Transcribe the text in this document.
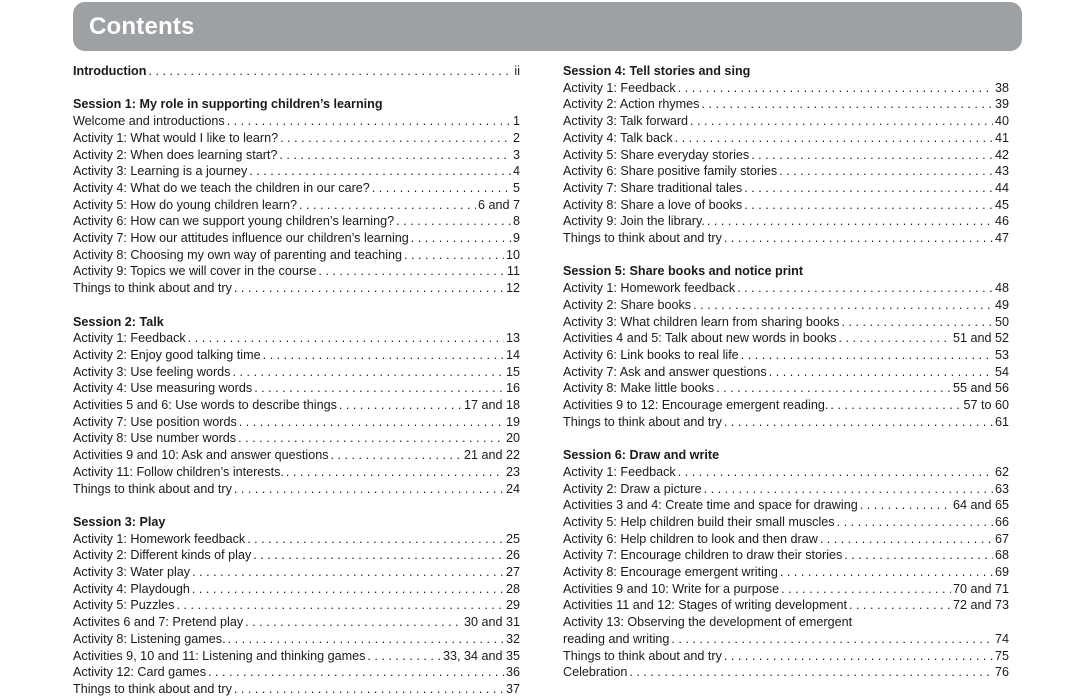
Contents
Introduction . . .	ii
Session 1: My role in supporting children’s learning
Welcome and introductions . . .	1
Activity 1: What would I like to learn? . . .	2
Activity 2: When does learning start? . . .	3
Activity 3: Learning is a journey . . .	4
Activity 4: What do we teach the children in our care? . . .	5
Activity 5: How do young children learn? . . .	6 and 7
Activity 6: How can we support young children’s learning? . . .	8
Activity 7: How our attitudes influence our children’s learning . . .	9
Activity 8: Choosing my own way of parenting and teaching . . .	10
Activity 9: Topics we will cover in the course . . .	11
Things to think about and try . . .	12
Session 2: Talk
Activity 1: Feedback . . .	13
Activity 2: Enjoy good talking time . . .	14
Activity 3: Use feeling words . . .	15
Activity 4: Use measuring words . . .	16
Activities 5 and 6: Use words to describe things . . .	17 and 18
Activity 7: Use position words . . .	19
Activity 8: Use number words . . .	20
Activities 9 and 10: Ask and answer questions . . .	21 and 22
Activity 11: Follow children’s interests. . . .	23
Things to think about and try . . .	24
Session 3: Play
Activity 1: Homework feedback . . .	25
Activity 2: Different kinds of play . . .	26
Activity 3: Water play . . .	27
Activity 4: Playdough . . .	28
Activity 5: Puzzles . . .	29
Activites 6 and 7: Pretend play . . .	30 and 31
Activity 8: Listening games. . . .	32
Activities 9, 10 and 11: Listening and thinking games . . .	33, 34 and 35
Activity 12: Card games . . .	36
Things to think about and try . . .	37
Session 4: Tell stories and sing
Activity 1: Feedback . . .	38
Activity 2: Action rhymes . . .	39
Activity 3: Talk forward . . .	40
Activity 4: Talk back . . .	41
Activity 5: Share everyday stories . . .	42
Activity 6: Share positive family stories . . .	43
Activity 7: Share traditional tales . . .	44
Activity 8: Share a love of books . . .	45
Activity 9: Join the library. . . .	46
Things to think about and try . . .	47
Session 5: Share books and notice print
Activity 1: Homework feedback . . .	48
Activity 2: Share books . . .	49
Activity 3: What children learn from sharing books . . .	50
Activities 4 and 5: Talk about new words in books . . .	51 and 52
Activity 6: Link books to real life . . .	53
Activity 7: Ask and answer questions . . .	54
Activity 8: Make little books . . .	55 and 56
Activities 9 to 12: Encourage emergent reading. . . .	57 to 60
Things to think about and try . . .	61
Session 6: Draw and write
Activity 1: Feedback . . .	62
Activity 2: Draw a picture . . .	63
Activities 3 and 4: Create time and space for drawing . . .	64 and 65
Activity 5: Help children build their small muscles . . .	66
Activity 6: Help children to look and then draw . . .	67
Activity 7: Encourage children to draw their stories . . .	68
Activity 8: Encourage emergent writing . . .	69
Activities 9 and 10: Write for a purpose . . .	70 and 71
Activities 11 and 12: Stages of writing development . . .	72 and 73
Activity 13: Observing the development of emergent
reading and writing . . .	74
Things to think about and try . . .	75
Celebration . . .	76
